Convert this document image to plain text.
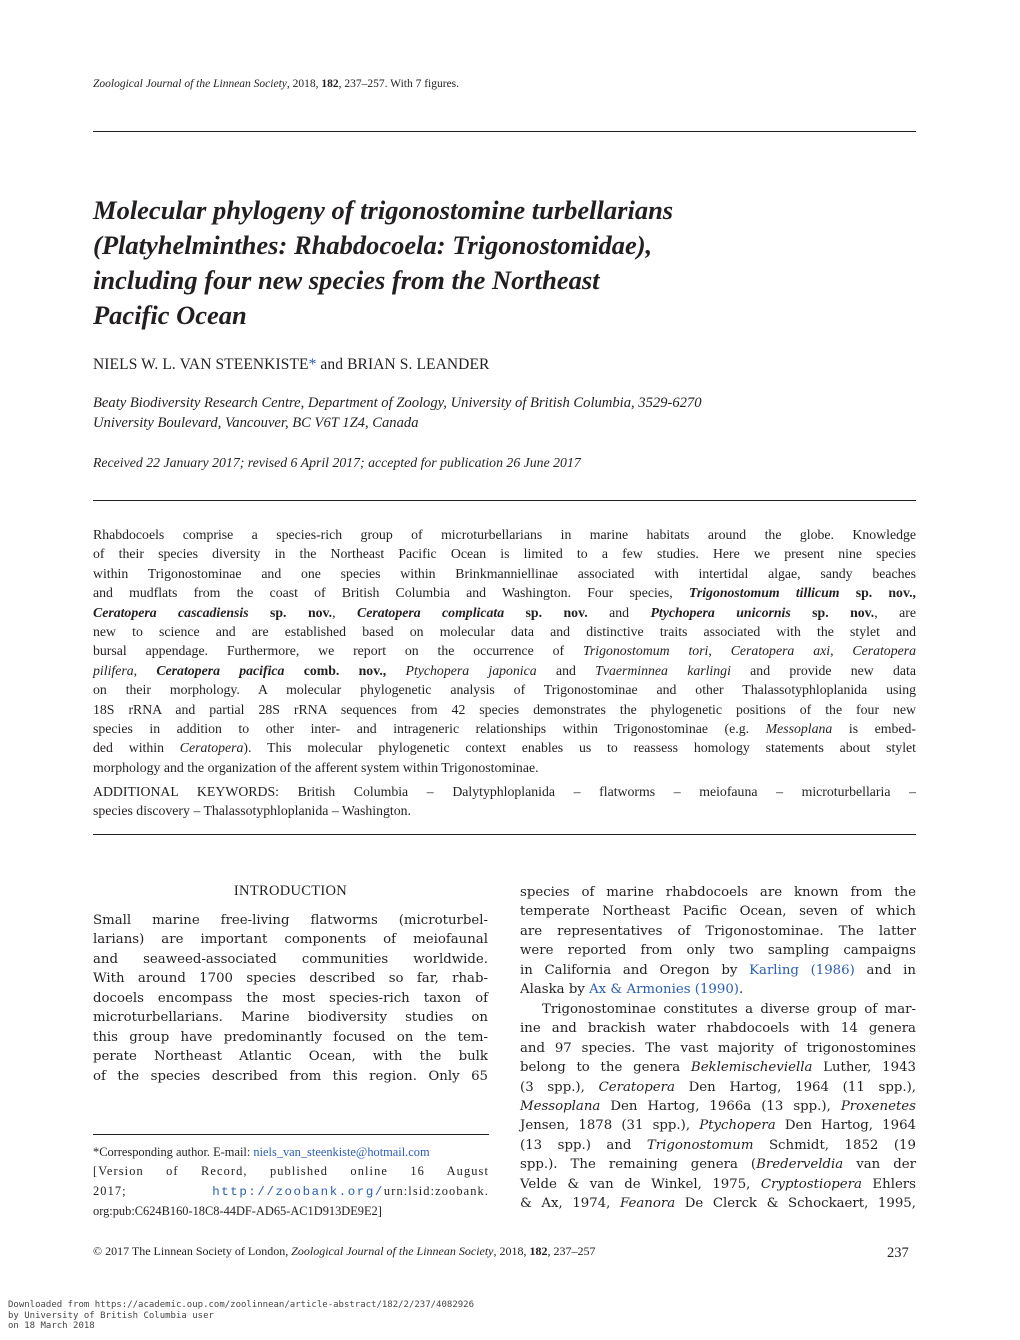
Zoological Journal of the Linnean Society, 2018, 182, 237–257. With 7 figures.
Molecular phylogeny of trigonostomine turbellarians
(Platyhelminthes: Rhabdocoela: Trigonostomidae),
including four new species from the Northeast
Pacific Ocean
NIELS W. L. VAN STEENKISTE* and BRIAN S. LEANDER
Beaty Biodiversity Research Centre, Department of Zoology, University of British Columbia, 3529-6270
University Boulevard, Vancouver, BC V6T 1Z4, Canada
Received 22 January 2017; revised 6 April 2017; accepted for publication 26 June 2017
Rhabdocoels comprise a species-rich group of microturbellarians in marine habitats around the globe. Knowledge
of their species diversity in the Northeast Pacific Ocean is limited to a few studies. Here we present nine species
within Trigonostominae and one species within Brinkmanniellinae associated with intertidal algae, sandy beaches
and mudflats from the coast of British Columbia and Washington. Four species, Trigonostomum tillicum sp. nov.,
Ceratopera cascadiensis sp. nov., Ceratopera complicata sp. nov. and Ptychopera unicornis sp. nov., are
new to science and are established based on molecular data and distinctive traits associated with the stylet and
bursal appendage. Furthermore, we report on the occurrence of Trigonostomum tori, Ceratopera axi, Ceratopera
pilifera, Ceratopera pacifica comb. nov., Ptychopera japonica and Tvaerminnea karlingi and provide new data
on their morphology. A molecular phylogenetic analysis of Trigonostominae and other Thalassotyphloplanida using
18S rRNA and partial 28S rRNA sequences from 42 species demonstrates the phylogenetic positions of the four new
species in addition to other inter- and intrageneric relationships within Trigonostominae (e.g. Messoplana is embed-
ded within Ceratopera). This molecular phylogenetic context enables us to reassess homology statements about stylet
morphology and the organization of the afferent system within Trigonostominae.
ADDITIONAL KEYWORDS: British Columbia – Dalytyphloplanida – flatworms – meiofauna – microturbellaria –
species discovery – Thalassotyphloplanida – Washington.
INTRODUCTION
Small marine free-living flatworms (microturbel-
larians) are important components of meiofaunal
and seaweed-associated communities worldwide.
With around 1700 species described so far, rhab-
docoels encompass the most species-rich taxon of
microturbellarians. Marine biodiversity studies on
this group have predominantly focused on the tem-
perate Northeast Atlantic Ocean, with the bulk
of the species described from this region. Only 65
species of marine rhabdocoels are known from the
temperate Northeast Pacific Ocean, seven of which
are representatives of Trigonostominae. The latter
were reported from only two sampling campaigns
in California and Oregon by Karling (1986) and in
Alaska by Ax & Armonies (1990).
Trigonostominae constitutes a diverse group of mar-
ine and brackish water rhabdocoels with 14 genera
and 97 species. The vast majority of trigonostomines
belong to the genera Beklemischeviella Luther, 1943
(3 spp.), Ceratopera Den Hartog, 1964 (11 spp.),
Messoplana Den Hartog, 1966a (13 spp.), Proxenetes
Jensen, 1878 (31 spp.), Ptychopera Den Hartog, 1964
(13 spp.) and Trigonostomum Schmidt, 1852 (19
spp.). The remaining genera (Brederveldia van der
Velde & van de Winkel, 1975, Cryptostiopera Ehlers
& Ax, 1974, Feanora De Clerck & Schockaert, 1995,
*Corresponding author. E-mail: niels_van_steenkiste@hotmail.com
[Version of Record, published online 16 August
2017; http://zoobank.org/urn:lsid:zoobank.
org:pub:C624B160-18C8-44DF-AD65-AC1D913DE9E2]
© 2017 The Linnean Society of London, Zoological Journal of the Linnean Society, 2018, 182, 237–257	237
Downloaded from https://academic.oup.com/zoolinnean/article-abstract/182/2/237/4082926
by University of British Columbia user
on 18 March 2018
